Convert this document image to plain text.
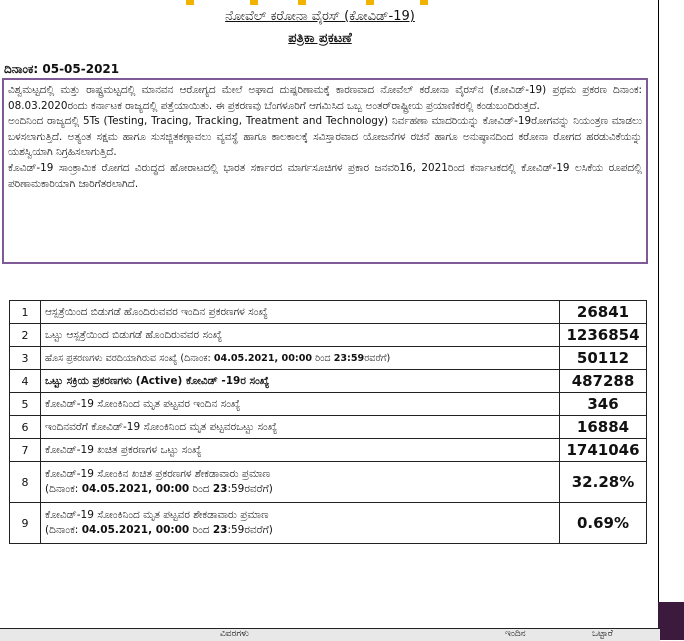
ನೋವೆಲ್ ಕರೋನಾ ವೈರಸ್ (ಕೋವಿಡ್-19)
ಪತ್ರಿಕಾ ಪ್ರಕಟಣೆ
ದಿನಾಂಕ: 05-05-2021

ವಿಶ್ವಮಟ್ಟದಲ್ಲಿ ಮತ್ತು ರಾಷ್ಟ್ರಮಟ್ಟದಲ್ಲಿ ಮಾನವನ ಆರೋಗ್ಯದ ಮೇಲೆ ಅಘಾದ ದುಷ್ಪರಿಣಾಮಕ್ಕೆ ಕಾರಣವಾದ ನೋವೆಲ್ ಕರೋನಾ ವೈರಸ್‌ನ (ಕೋವಿಡ್-19) ಪ್ರಥಮ ಪ್ರಕರಣ ದಿನಾಂಕ: 08.03.2020ರಂದು ಕರ್ನಾಟಕ ರಾಜ್ಯದಲ್ಲಿ ಪತ್ತೆಯಾಯಿತು. ಈ ಪ್ರಕರಣವು ಬೆಂಗಳೂರಿಗೆ ಆಗಮಿಸಿದ ಒಬ್ಬ ಅಂತರ್‌ರಾಷ್ಟ್ರೀಯ ಪ್ರಯಾಣಿಕರಲ್ಲಿ ಕಂಡುಬಂದಿರುತ್ತದೆ.

ಅಂದಿನಿಂದ ರಾಜ್ಯದಲ್ಲಿ 5Ts (Testing, Tracing, Tracking, Treatment and Technology) ನಿರ್ವಹಣಾ ಮಾದರಿಯನ್ನು ಕೋವಿಡ್-19ರೋಗವನ್ನು ನಿಯಂತ್ರಣ ಮಾಡಲು ಬಳಸಲಾಗುತ್ತಿದೆ. ಅತ್ಯಂತ ಸಕ್ಷಮ ಹಾಗೂ ಸುಸಜ್ಜಿತಕಣ್ಗಾವಲು ವ್ಯವಸ್ಥೆ ಹಾಗೂ ಕಾಲಕಾಲಕ್ಕೆ ಸವಿಸ್ತಾರವಾದ ಯೋಜನೆಗಳ ರಚನೆ ಹಾಗೂ ಅನುಷ್ಠಾನದಿಂದ ಕರೋನಾ ರೋಗದ ಹರಡುವಿಕೆಯನ್ನು ಯಶಸ್ವಿಯಾಗಿ ನಿಗ್ರಹಿಸಲಾಗುತ್ತಿದೆ.

ಕೊವಿಡ್-19 ಸಾಂಕ್ರಾಮಿಕ ರೋಗದ ವಿರುದ್ಧದ ಹೋರಾಟದಲ್ಲಿ ಭಾರತ ಸರ್ಕಾರದ ಮಾರ್ಗಸೂಚಿಗಳ ಪ್ರಕಾರ ಜನವರಿ16, 2021ರಿಂದ ಕರ್ನಾಟಕದಲ್ಲಿ ಕೋವಿಡ್-19 ಲಸಿಕೆಯ ರೂಪದಲ್ಲಿ ಪರಿಣಾಮಕಾರಿಯಾಗಿ ಜಾರಿಗೆತರಲಾಗಿದೆ.

1	ಆಸ್ಪತ್ರೆಯಿಂದ ಬಿಡುಗಡೆ ಹೊಂದಿರುವವರ ಇಂದಿನ ಪ್ರಕರಣಗಳ ಸಂಖ್ಯೆ	26841
2	ಒಟ್ಟು ಆಸ್ಪತ್ರೆಯಿಂದ ಬಿಡುಗಡೆ ಹೊಂದಿರುವವರ ಸಂಖ್ಯೆ	1236854
3	ಹೊಸ ಪ್ರಕರಣಗಳು ವರದಿಯಾಗಿರುವ ಸಂಖ್ಯೆ (ದಿನಾಂಕ: 04.05.2021, 00:00 ರಿಂದ 23:59ರವರೆಗೆ)	50112
4	ಒಟ್ಟು ಸಕ್ರಿಯ ಪ್ರಕರಣಗಳು (Active) ಕೋವಿಡ್ -19ರ ಸಂಖ್ಯೆ	487288
5	ಕೋವಿಡ್-19 ಸೋಂಕಿನಿಂದ ಮೃತ ಪಟ್ಟವರ ಇಂದಿನ ಸಂಖ್ಯೆ	346
6	ಇಂದಿನವರೆಗೆ ಕೋವಿಡ್-19 ಸೋಂಕಿನಿಂದ ಮೃತ ಪಟ್ಟವರಒಟ್ಟು ಸಂಖ್ಯೆ	16884
7	ಕೋವಿಡ್-19 ಖಚಿತ ಪ್ರಕರಣಗಳ ಒಟ್ಟು ಸಂಖ್ಯೆ	1741046
8	ಕೋವಿಡ್-19 ಸೋಂಕಿನ ಖಚಿತ ಪ್ರಕರಣಗಳ ಶೇಕಡಾವಾರು ಪ್ರಮಾಣ
(ದಿನಾಂಕ: 04.05.2021, 00:00 ರಿಂದ 23:59ರವರೆಗೆ)	32.28%
9	ಕೋವಿಡ್-19 ಸೋಂಕಿನಿಂದ ಮೃತ ಪಟ್ಟವರ ಶೇಕಡಾವಾರು ಪ್ರಮಾಣ
(ದಿನಾಂಕ: 04.05.2021, 00:00 ರಿಂದ 23:59ರವರೆಗೆ)	0.69%
ವಿವರಗಳು	ಇಂದಿನ	ಒಟ್ಟಾರೆ
